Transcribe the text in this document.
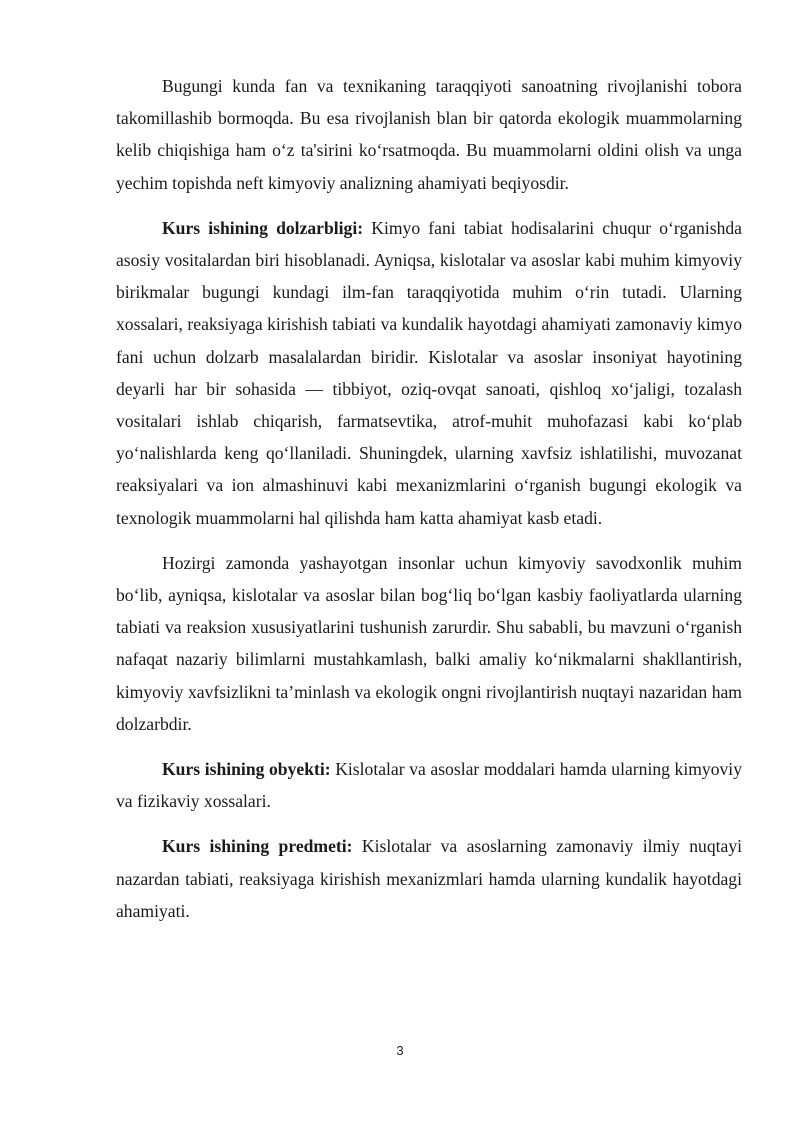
Bugungi kunda fan va texnikaning taraqqiyoti sanoatning rivojlanishi tobora takomillashib bormoqda. Bu esa rivojlanish blan bir qatorda ekologik muammolarning kelib chiqishiga ham o‘z ta'sirini ko‘rsatmoqda. Bu muammolarni oldini olish va unga yechim topishda neft kimyoviy analizning ahamiyati beqiyosdir.

Kurs ishining dolzarbligi: Kimyo fani tabiat hodisalarini chuqur o‘rganishda asosiy vositalardan biri hisoblanadi. Ayniqsa, kislotalar va asoslar kabi muhim kimyoviy birikmalar bugungi kundagi ilm-fan taraqqiyotida muhim o‘rin tutadi. Ularning xossalari, reaksiyaga kirishish tabiati va kundalik hayotdagi ahamiyati zamonaviy kimyo fani uchun dolzarb masalalardan biridir. Kislotalar va asoslar insoniyat hayotining deyarli har bir sohasida — tibbiyot, oziq-ovqat sanoati, qishloq xo‘jaligi, tozalash vositalari ishlab chiqarish, farmatsevtika, atrof-muhit muhofazasi kabi ko‘plab yo‘nalishlarda keng qo‘llaniladi. Shuningdek, ularning xavfsiz ishlatilishi, muvozanat reaksiyalari va ion almashinuvi kabi mexanizmlarini o‘rganish bugungi ekologik va texnologik muammolarni hal qilishda ham katta ahamiyat kasb etadi.

Hozirgi zamonda yashayotgan insonlar uchun kimyoviy savodxonlik muhim bo‘lib, ayniqsa, kislotalar va asoslar bilan bog‘liq bo‘lgan kasbiy faoliyatlarda ularning tabiati va reaksion xususiyatlarini tushunish zarurdir. Shu sababli, bu mavzuni o‘rganish nafaqat nazariy bilimlarni mustahkamlash, balki amaliy ko‘nikmalarni shakllantirish, kimyoviy xavfsizlikni ta’minlash va ekologik ongni rivojlantirish nuqtayi nazaridan ham dolzarbdir.

Kurs ishining obyekti: Kislotalar va asoslar moddalari hamda ularning kimyoviy va fizikaviy xossalari.

Kurs ishining predmeti: Kislotalar va asoslarning zamonaviy ilmiy nuqtayi nazardan tabiati, reaksiyaga kirishish mexanizmlari hamda ularning kundalik hayotdagi ahamiyati.

3
